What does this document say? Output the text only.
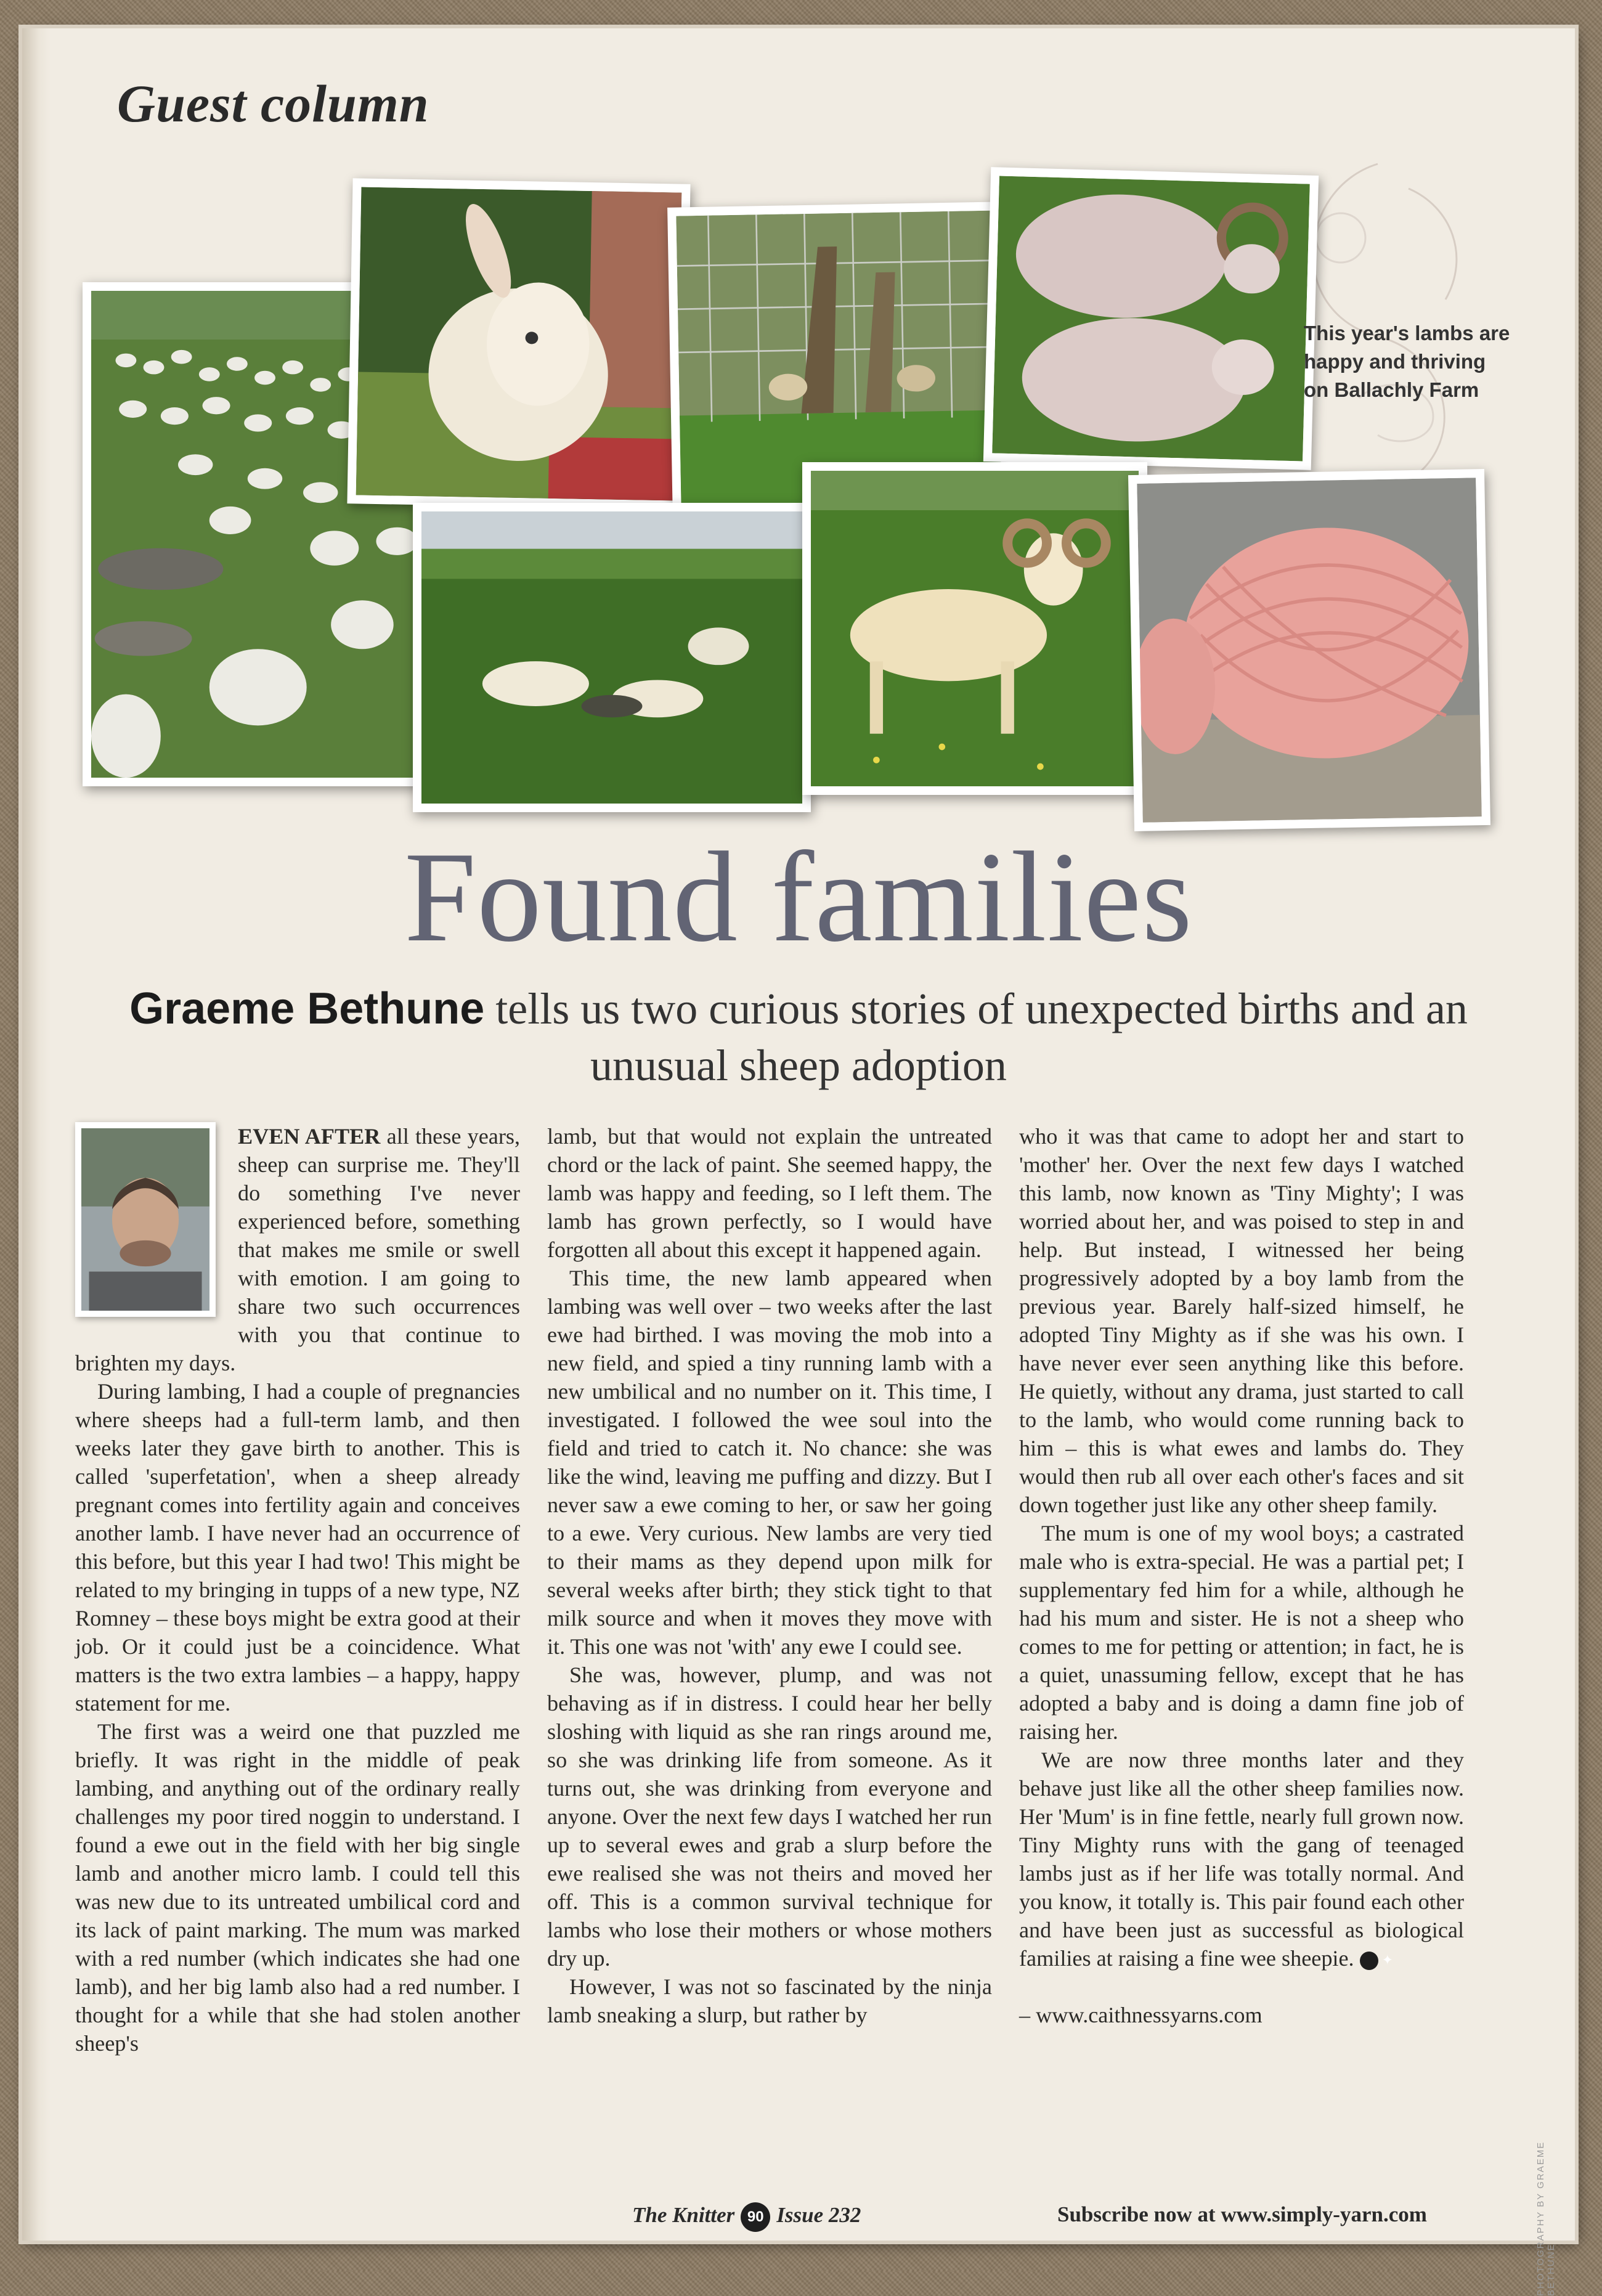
Guest column
This year's lambs are happy and thriving on Ballachly Farm
Found families

Graeme Bethune tells us two curious stories of unexpected births and an unusual sheep adoption

EVEN AFTER all these years, sheep can surprise me. They'll do something I've never experienced before, something that makes me smile or swell with emotion. I am going to share two such occurrences with you that continue to brighten my days.

During lambing, I had a couple of pregnancies where sheeps had a full-term lamb, and then weeks later they gave birth to another. This is called 'superfetation', when a sheep already pregnant comes into fertility again and conceives another lamb. I have never had an occurrence of this before, but this year I had two! This might be related to my bringing in tupps of a new type, NZ Romney – these boys might be extra good at their job. Or it could just be a coincidence. What matters is the two extra lambies – a happy, happy statement for me.

The first was a weird one that puzzled me briefly. It was right in the middle of peak lambing, and anything out of the ordinary really challenges my poor tired noggin to understand. I found a ewe out in the field with her big single lamb and another micro lamb. I could tell this was new due to its untreated umbilical cord and its lack of paint marking. The mum was marked with a red number (which indicates she had one lamb), and her big lamb also had a red number. I thought for a while that she had stolen another sheep's

lamb, but that would not explain the untreated chord or the lack of paint. She seemed happy, the lamb was happy and feeding, so I left them. The lamb has grown perfectly, so I would have forgotten all about this except it happened again.

This time, the new lamb appeared when lambing was well over – two weeks after the last ewe had birthed. I was moving the mob into a new field, and spied a tiny running lamb with a new umbilical and no number on it. This time, I investigated. I followed the wee soul into the field and tried to catch it. No chance: she was like the wind, leaving me puffing and dizzy. But I never saw a ewe coming to her, or saw her going to a ewe. Very curious. New lambs are very tied to their mams as they depend upon milk for several weeks after birth; they stick tight to that milk source and when it moves they move with it. This one was not 'with' any ewe I could see.

She was, however, plump, and was not behaving as if in distress. I could hear her belly sloshing with liquid as she ran rings around me, so she was drinking life from someone. As it turns out, she was drinking from everyone and anyone. Over the next few days I watched her run up to several ewes and grab a slurp before the ewe realised she was not theirs and moved her off. This is a common survival technique for lambs who lose their mothers or whose mothers dry up.

However, I was not so fascinated by the ninja lamb sneaking a slurp, but rather by

who it was that came to adopt her and start to 'mother' her. Over the next few days I watched this lamb, now known as 'Tiny Mighty'; I was worried about her, and was poised to step in and help. But instead, I witnessed her being progressively adopted by a boy lamb from the previous year. Barely half-sized himself, he adopted Tiny Mighty as if she was his own. I have never ever seen anything like this before. He quietly, without any drama, just started to call to the lamb, who would come running back to him – this is what ewes and lambs do. They would then rub all over each other's faces and sit down together just like any other sheep family.

The mum is one of my wool boys; a castrated male who is extra-special. He was a partial pet; I supplementary fed him for a while, although he had his mum and sister. He is not a sheep who comes to me for petting or attention; in fact, he is a quiet, unassuming fellow, except that he has adopted a baby and is doing a damn fine job of raising her.

We are now three months later and they behave just like all the other sheep families now. Her 'Mum' is in fine fettle, nearly full grown now. Tiny Mighty runs with the gang of teenaged lambs just as if her life was totally normal. And you know, it totally is. This pair found each other and have been just as successful as biological families at raising a fine wee sheepie. ✦

– www.caithnessyarns.com

PHOTOGRAPHY BY GRAEME BETHUNE
The Knitter 90 Issue 232	Subscribe now at www.simply-yarn.com
